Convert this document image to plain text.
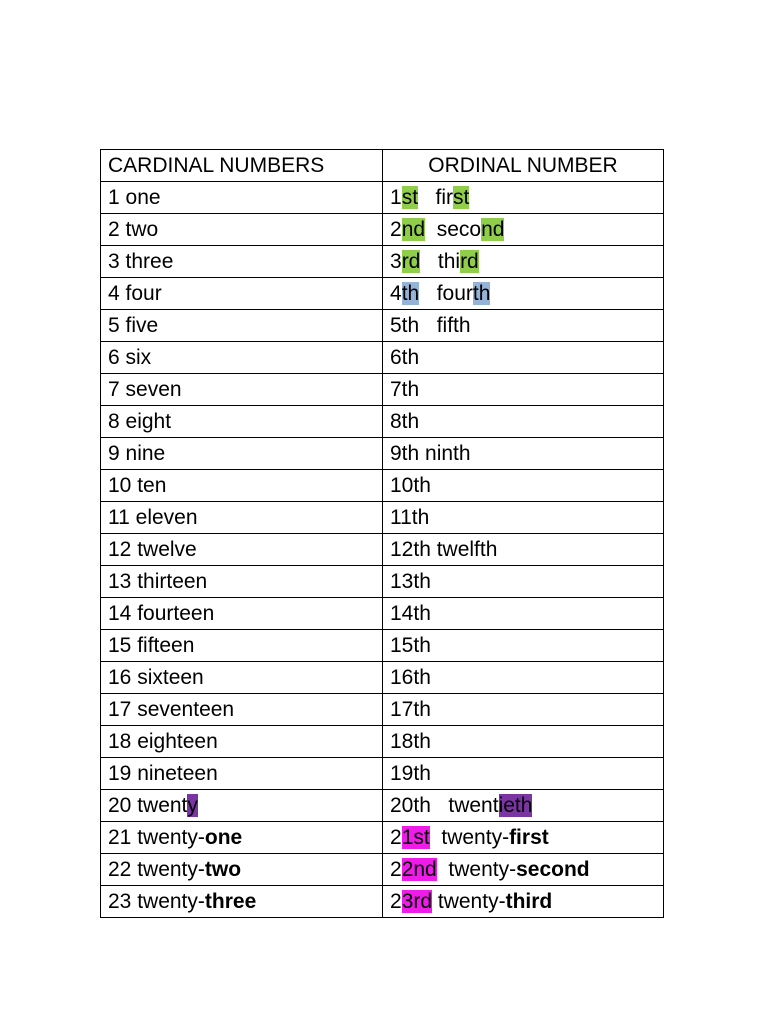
CARDINAL NUMBERS	ORDINAL NUMBER
1 one	1st   first
2 two	2nd  second
3 three	3rd   third
4 four	4th   fourth
5 five	5th   fifth
6 six	6th
7 seven	7th
8 eight	8th
9 nine	9th ninth
10 ten	10th
11 eleven	11th
12 twelve	12th twelfth
13 thirteen	13th
14 fourteen	14th
15 fifteen	15th
16 sixteen	16th
17 seventeen	17th
18 eighteen	18th
19 nineteen	19th
20 twenty	20th   twentieth
21 twenty-one	21st  twenty-first
22 twenty-two	22nd  twenty-second
23 twenty-three	23rd twenty-third
